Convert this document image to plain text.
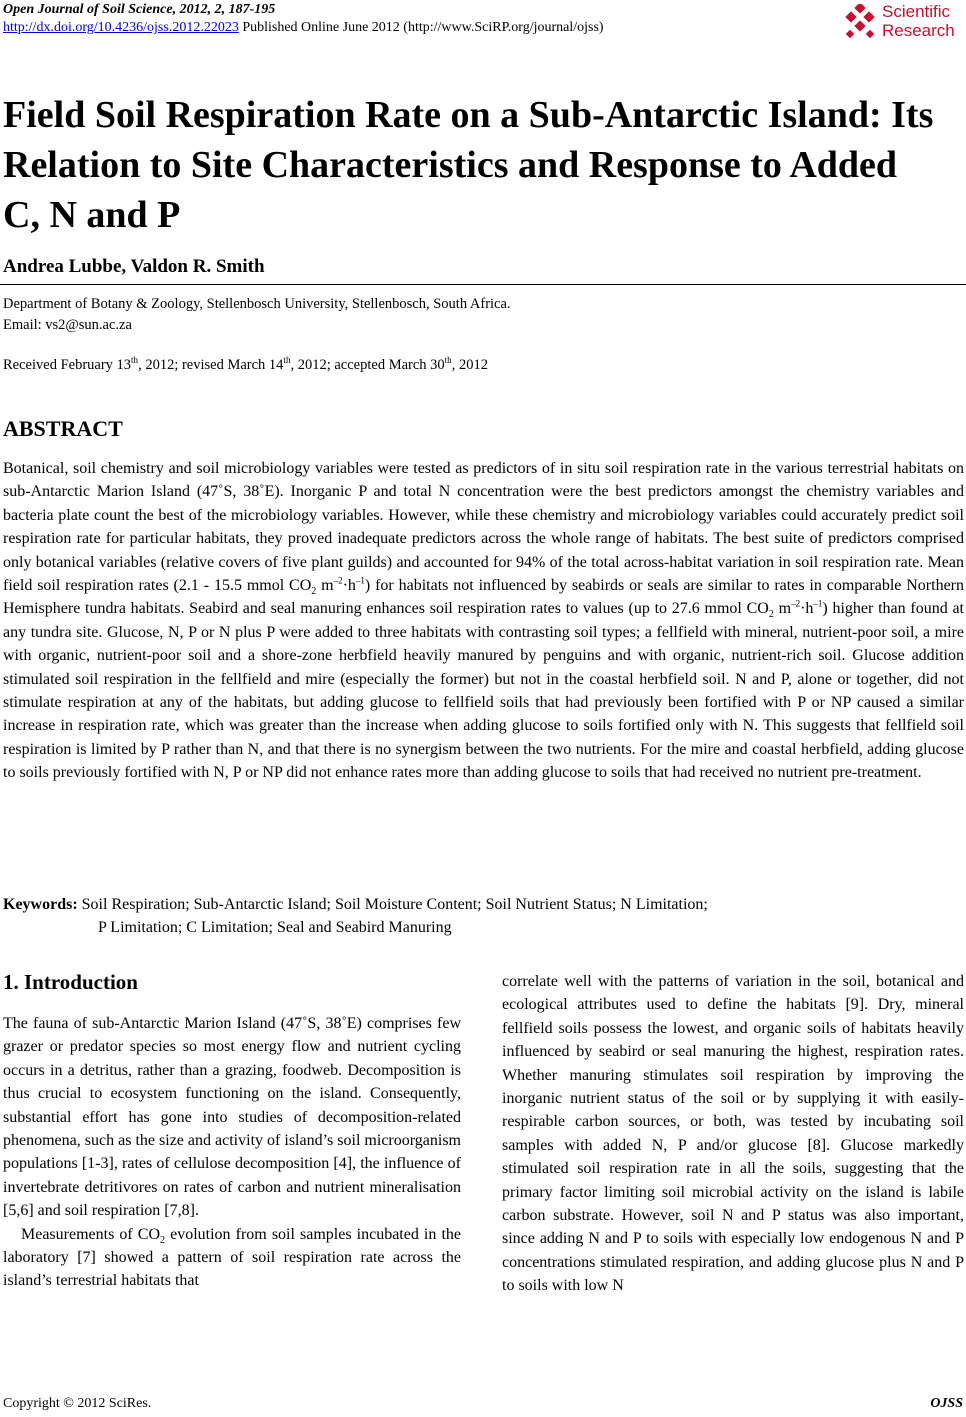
Open Journal of Soil Science, 2012, 2, 187-195
http://dx.doi.org/10.4236/ojss.2012.22023 Published Online June 2012 (http://www.SciRP.org/journal/ojss)
Scientific
Research
Field Soil Respiration Rate on a Sub-Antarctic Island: Its Relation to Site Characteristics and Response to Added C, N and P
Andrea Lubbe, Valdon R. Smith
Department of Botany & Zoology, Stellenbosch University, Stellenbosch, South Africa.
Email: vs2@sun.ac.za
Received February 13th, 2012; revised March 14th, 2012; accepted March 30th, 2012
ABSTRACT
Botanical, soil chemistry and soil microbiology variables were tested as predictors of in situ soil respiration rate in the various terrestrial habitats on sub-Antarctic Marion Island (47˚S, 38˚E). Inorganic P and total N concentration were the best predictors amongst the chemistry variables and bacteria plate count the best of the microbiology variables. However, while these chemistry and microbiology variables could accurately predict soil respiration rate for particular habitats, they proved inadequate predictors across the whole range of habitats. The best suite of predictors comprised only botanical variables (relative covers of five plant guilds) and accounted for 94% of the total across-habitat variation in soil respiration rate. Mean field soil respiration rates (2.1 - 15.5 mmol $CO_2$ $m^{-2}\cdot h^{-1}$) for habitats not influenced by seabirds or seals are similar to rates in comparable Northern Hemisphere tundra habitats. Seabird and seal manuring enhances soil respiration rates to values (up to 27.6 mmol $CO_2$ $m^{-2}\cdot h^{-1}$) higher than found at any tundra site. Glucose, N, P or N plus P were added to three habitats with contrasting soil types; a fellfield with mineral, nutrient-poor soil, a mire with organic, nutrient-poor soil and a shore-zone herbfield heavily manured by penguins and with organic, nutrient-rich soil. Glucose addition stimulated soil respiration in the fellfield and mire (especially the former) but not in the coastal herbfield soil. N and P, alone or together, did not stimulate respiration at any of the habitats, but adding glucose to fellfield soils that had previously been fortified with P or NP caused a similar increase in respiration rate, which was greater than the increase when adding glucose to soils fortified only with N. This suggests that fellfield soil respiration is limited by P rather than N, and that there is no synergism between the two nutrients. For the mire and coastal herbfield, adding glucose to soils previously fortified with N, P or NP did not enhance rates more than adding glucose to soils that had received no nutrient pre-treatment.
Keywords: Soil Respiration; Sub-Antarctic Island; Soil Moisture Content; Soil Nutrient Status; N Limitation;
P Limitation; C Limitation; Seal and Seabird Manuring
1. Introduction

The fauna of sub-Antarctic Marion Island (47˚S, 38˚E) comprises few grazer or predator species so most energy flow and nutrient cycling occurs in a detritus, rather than a grazing, foodweb. Decomposition is thus crucial to ecosystem functioning on the island. Consequently, substantial effort has gone into studies of decomposition-related phenomena, such as the size and activity of island’s soil microorganism populations [1-3], rates of cellulose decomposition [4], the influence of invertebrate detritivores on rates of carbon and nutrient mineralisation [5,6] and soil respiration [7,8].

Measurements of $CO_2$ evolution from soil samples incubated in the laboratory [7] showed a pattern of soil respiration rate across the island’s terrestrial habitats that

correlate well with the patterns of variation in the soil, botanical and ecological attributes used to define the habitats [9]. Dry, mineral fellfield soils possess the lowest, and organic soils of habitats heavily influenced by seabird or seal manuring the highest, respiration rates. Whether manuring stimulates soil respiration by improving the inorganic nutrient status of the soil or by supplying it with easily-respirable carbon sources, or both, was tested by incubating soil samples with added N, P and/or glucose [8]. Glucose markedly stimulated soil respiration rate in all the soils, suggesting that the primary factor limiting soil microbial activity on the island is labile carbon substrate. However, soil N and P status was also important, since adding N and P to soils with especially low endogenous N and P concentrations stimulated respiration, and adding glucose plus N and P to soils with low N

Copyright © 2012 SciRes.	OJSS
